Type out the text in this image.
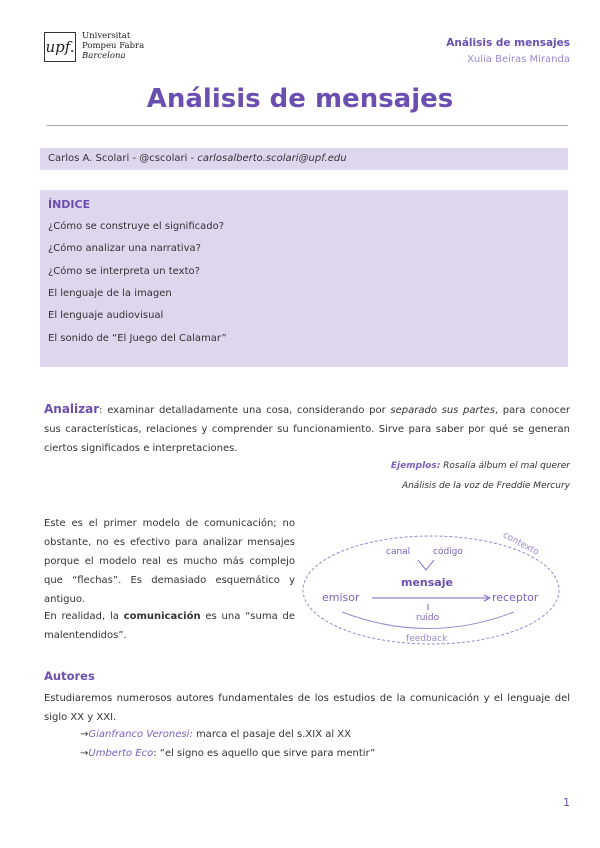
upf.
Universitat
Pompeu Fabra
Barcelona
Análisis de mensajes
Xulia Beiras Miranda
Análisis de mensajes
Carlos A. Scolari - @cscolari - carlosalberto.scolari@upf.edu
ÍNDICE
¿Cómo se construye el significado?
¿Cómo analizar una narrativa?
¿Cómo se interpreta un texto?
El lenguaje de la imagen
El lenguaje audiovisual
El sonido de “El Juego del Calamar”
Analizar: examinar detalladamente una cosa, considerando por separado sus partes, para conocer sus características, relaciones y comprender su funcionamiento. Sirve para saber por qué se generan ciertos significados e interpretaciones.
Ejemplos: Rosalía álbum el mal querer
Análisis de la voz de Freddie Mercury
Este es el primer modelo de comunicación; no obstante, no es efectivo para analizar mensajes porque el modelo real es mucho más complejo que “flechas”. Es demasiado esquemático y antiguo.
En realidad, la comunicación es una “suma de malentendidos”.
contexto
canal	código
mensaje
emisor	receptor
ruido
feedback
Autores
Estudiaremos numerosos autores fundamentales de los estudios de la comunicación y el lenguaje del siglo XX y XXI.
→Gianfranco Veronesi: marca el pasaje del s.XIX al XX
→Umberto Eco: “el signo es aquello que sirve para mentir”
1
